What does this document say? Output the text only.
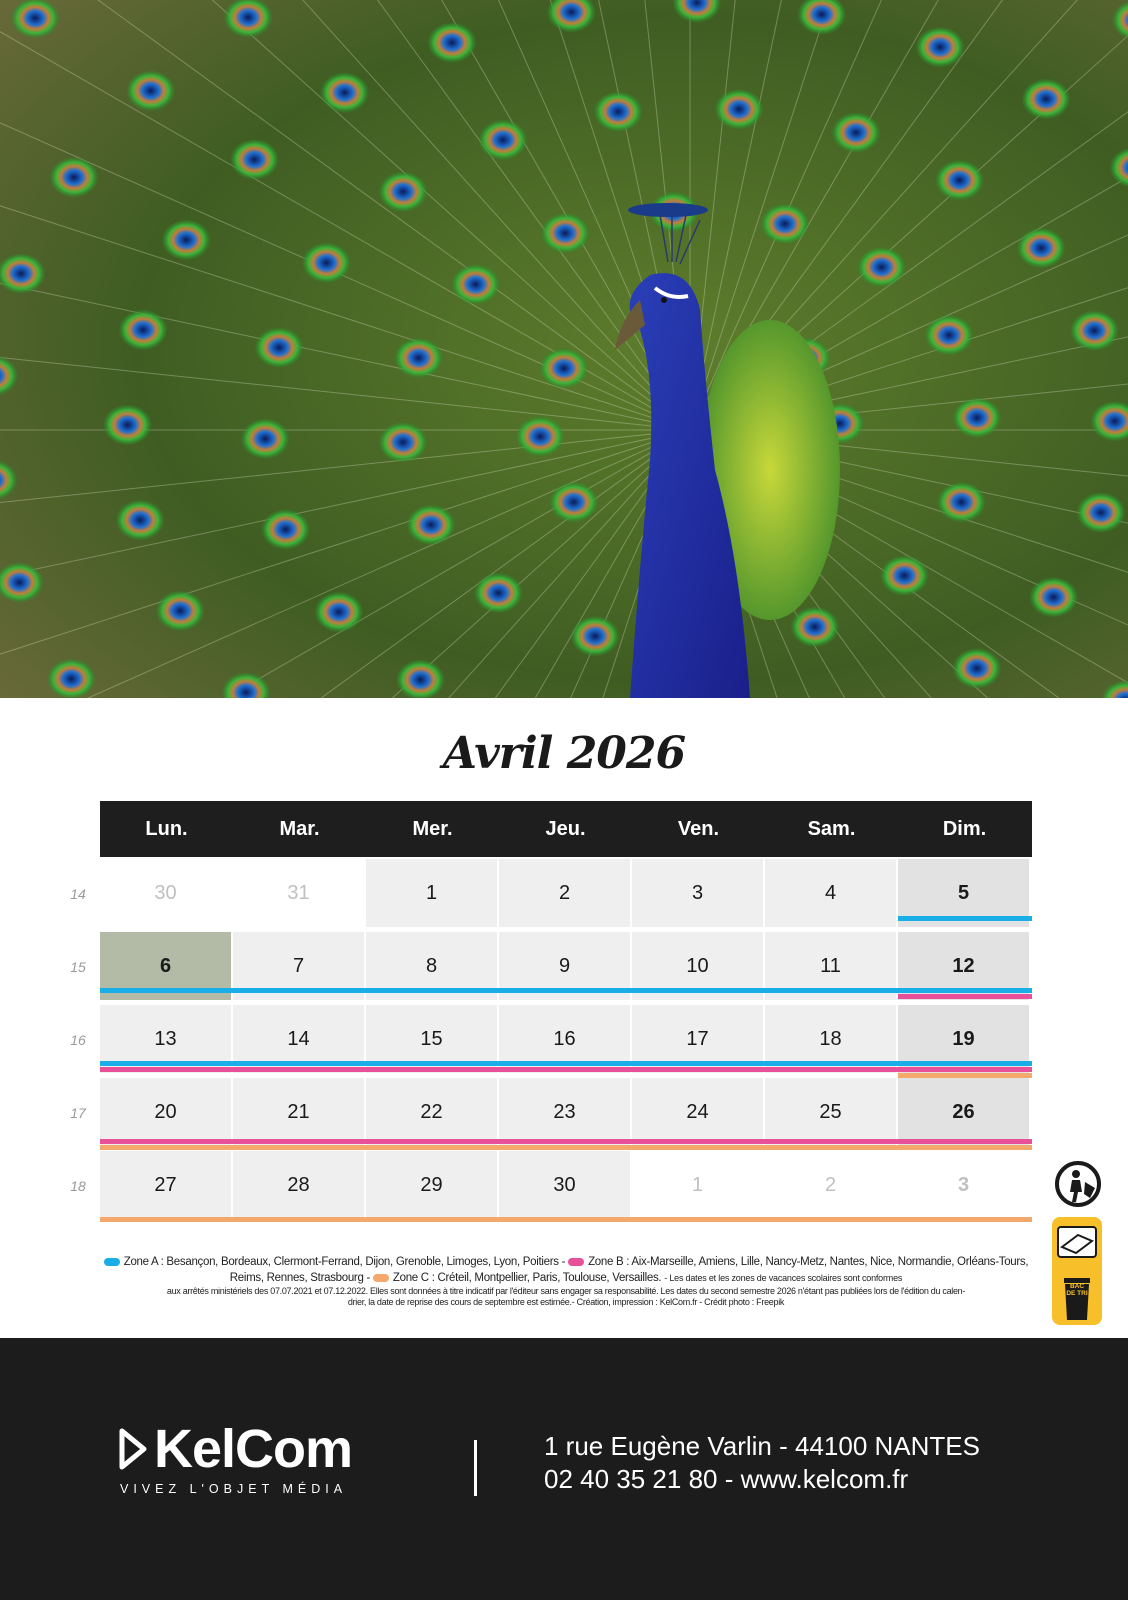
Avril 2026
Lun.	Mar.	Mer.	Jeu.	Ven.	Sam.	Dim.
14	30	31	1	2	3	4	5
15	6	7	8	9	10	11	12
16	13	14	15	16	17	18	19
17	20	21	22	23	24	25	26
18	27	28	29	30	1	2	3
Zone A : Besançon, Bordeaux, Clermont-Ferrand, Dijon, Grenoble, Limoges, Lyon, Poitiers - Zone B : Aix-Marseille, Amiens, Lille, Nancy-Metz, Nantes, Nice, Normandie, Orléans-Tours, Reims, Rennes, Strasbourg - Zone C : Créteil, Montpellier, Paris, Toulouse, Versailles. - Les dates et les zones de vacances scolaires sont conformes
aux arrêtés ministériels des 07.07.2021 et 07.12.2022. Elles sont données à titre indicatif par l'éditeur sans engager sa responsabilité. Les dates du second semestre 2026 n'étant pas publiées lors de l'édition du calen-
drier, la date de reprise des cours de septembre est estimée.- Création, impression : KelCom.fr - Crédit photo : Freepik

BAC DE TRI
KelCom
VIVEZ L'OBJET MÉDIA
1 rue Eugène Varlin - 44100 NANTES
02 40 35 21 80 - www.kelcom.fr
